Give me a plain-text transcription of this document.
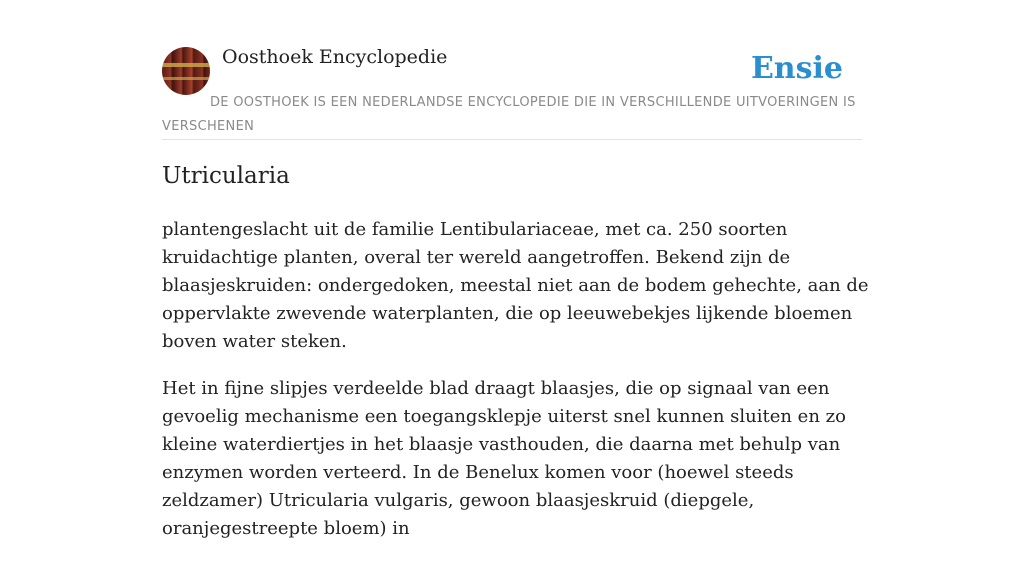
Oosthoek Encyclopedie	Ensie
DE OOSTHOEK IS EEN NEDERLANDSE ENCYCLOPEDIE DIE IN VERSCHILLENDE UITVOERINGEN IS VERSCHENEN
Utricularia

plantengeslacht uit de familie Lentibulariaceae, met ca. 250 soorten kruidachtige planten, overal ter wereld aangetroffen. Bekend zijn de blaasjeskruiden: ondergedoken, meestal niet aan de bodem gehechte, aan de oppervlakte zwevende waterplanten, die op leeuwebekjes lijkende bloemen boven water steken.

Het in fijne slipjes verdeelde blad draagt blaasjes, die op signaal van een gevoelig mechanisme een toegangsklepje uiterst snel kunnen sluiten en zo kleine waterdiertjes in het blaasje vasthouden, die daarna met behulp van enzymen worden verteerd. In de Benelux komen voor (hoewel steeds zeldzamer) Utricularia vulgaris, gewoon blaasjeskruid (diepgele, oranjegestreepte bloem) in
